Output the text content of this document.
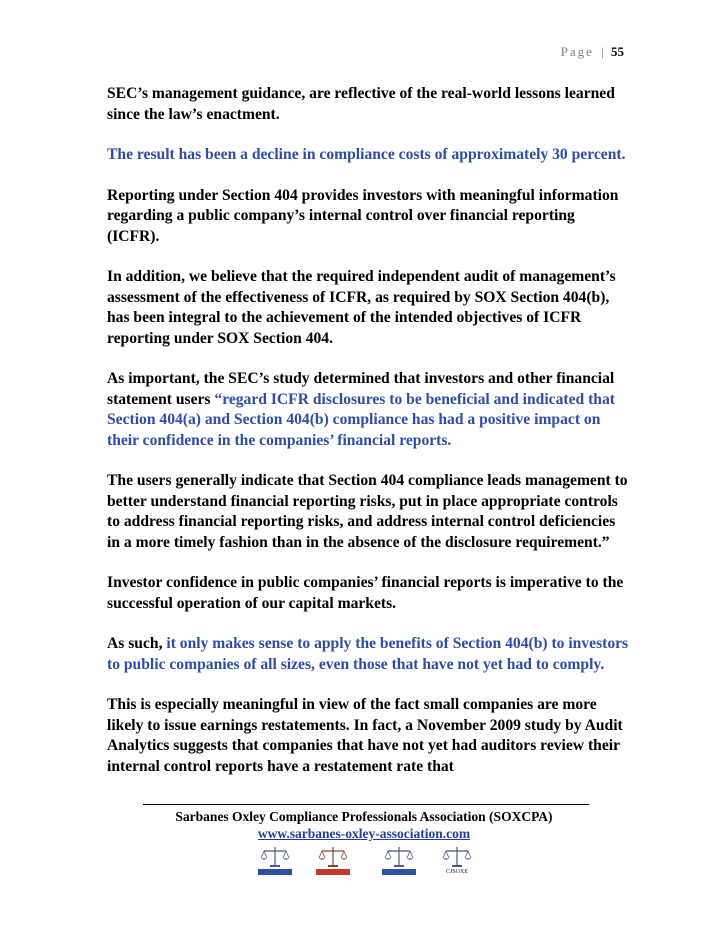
Page | 55

SEC’s management guidance, are reflective of the real-world lessons learned since the law’s enactment.

The result has been a decline in compliance costs of approximately 30 percent.

Reporting under Section 404 provides investors with meaningful information regarding a public company’s internal control over financial reporting (ICFR).

In addition, we believe that the required independent audit of management’s assessment of the effectiveness of ICFR, as required by SOX Section 404(b), has been integral to the achievement of the intended objectives of ICFR reporting under SOX Section 404.

As important, the SEC’s study determined that investors and other financial statement users “regard ICFR disclosures to be beneficial and indicated that Section 404(a) and Section 404(b) compliance has had a positive impact on their confidence in the companies’ financial reports.

The users generally indicate that Section 404 compliance leads management to better understand financial reporting risks, put in place appropriate controls to address financial reporting risks, and address internal control deficiencies in a more timely fashion than in the absence of the disclosure requirement.”

Investor confidence in public companies’ financial reports is imperative to the successful operation of our capital markets.

As such, it only makes sense to apply the benefits of Section 404(b) to investors to public companies of all sizes, even those that have not yet had to comply.

This is especially meaningful in view of the fact small companies are more likely to issue earnings restatements. In fact, a November 2009 study by Audit Analytics suggests that companies that have not yet had auditors review their internal control reports have a restatement rate that

Sarbanes Oxley Compliance Professionals Association (SOXCPA)
www.sarbanes-oxley-association.com
CJSOXE
